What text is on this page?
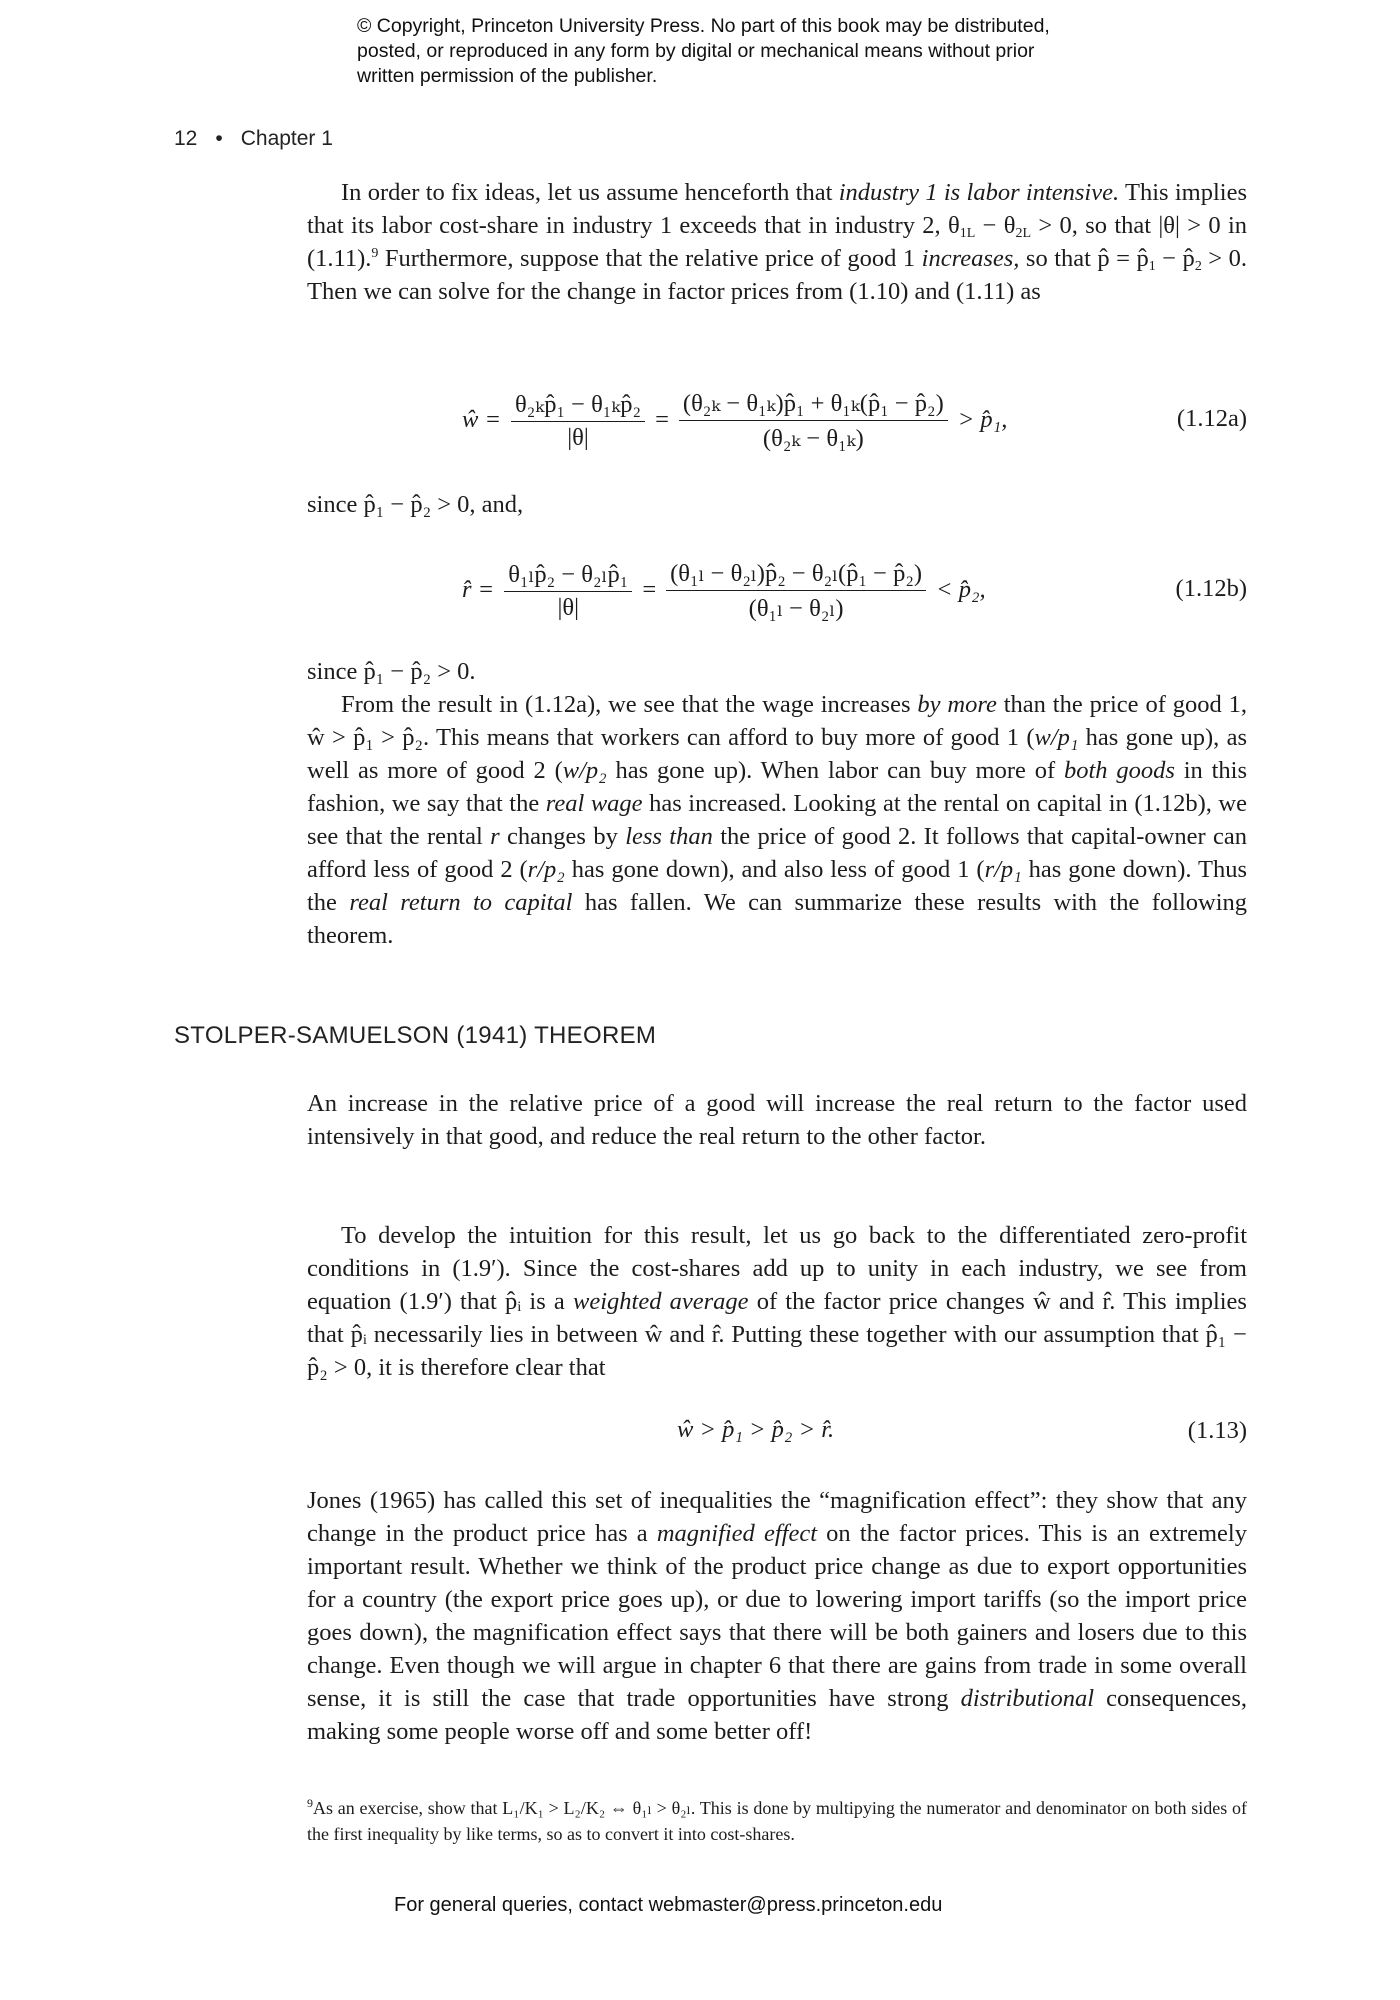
© Copyright, Princeton University Press. No part of this book may be distributed, posted, or reproduced in any form by digital or mechanical means without prior written permission of the publisher.
12 • Chapter 1

In order to fix ideas, let us assume henceforth that industry 1 is labor intensive. This implies that its labor cost-share in industry 1 exceeds that in industry 2, $\theta_{1L} - \theta_{2L} > 0$, so that |θ| > 0 in (1.11).$^9$ Furthermore, suppose that the relative price of good 1 increases, so that p̂ = $p̂_1$ − $p̂_2 > 0$. Then we can solve for the change in factor prices from (1.10) and (1.11) as

ŵ = $\frac{\text{θ₂ₖp̂₁ − θ₁ₖp̂₂}}{|\theta|} = \frac{\text{(θ₂ₖ − θ₁ₖ)p̂₁ + θ₁ₖ(p̂₁ − p̂₂)}}{\text{(θ₂ₖ − θ₁ₖ)}}$ > p̂₁,	(1.12a)

since p̂₁ − p̂₂ > 0, and,

r̂ = $\frac{\text{θ₁ₗp̂₂ − θ₂ₗp̂₁}}{|\theta|} = \frac{\text{(θ₁ₗ − θ₂ₗ)p̂₂ − θ₂ₗ(p̂₁ − p̂₂)}}{\text{(θ₁ₗ − θ₂ₗ)}}$ < p̂₂,	(1.12b)

since p̂₁ − p̂₂ > 0.

From the result in (1.12a), we see that the wage increases by more than the price of good 1, ŵ > p̂₁ > p̂₂. This means that workers can afford to buy more of good 1 (w/p₁ has gone up), as well as more of good 2 (w/p₂ has gone up). When labor can buy more of both goods in this fashion, we say that the real wage has increased. Looking at the rental on capital in (1.12b), we see that the rental r changes by less than the price of good 2. It follows that capital-owner can afford less of good 2 (r/p₂ has gone down), and also less of good 1 (r/p₁ has gone down). Thus the real return to capital has fallen. We can summarize these results with the following theorem.

STOLPER-SAMUELSON (1941) THEOREM

An increase in the relative price of a good will increase the real return to the factor used intensively in that good, and reduce the real return to the other factor.

To develop the intuition for this result, let us go back to the differentiated zero-profit conditions in (1.9′). Since the cost-shares add up to unity in each industry, we see from equation (1.9′) that p̂ᵢ is a weighted average of the factor price changes ŵ and r̂. This implies that p̂ᵢ necessarily lies in between ŵ and r̂. Putting these together with our assumption that p̂₁ − p̂₂ > 0, it is therefore clear that

ŵ > p̂₁ > p̂₂ > r̂.	(1.13)

Jones (1965) has called this set of inequalities the “magnification effect”: they show that any change in the product price has a magnified effect on the factor prices. This is an extremely important result. Whether we think of the product price change as due to export opportunities for a country (the export price goes up), or due to lowering import tariffs (so the import price goes down), the magnification effect says that there will be both gainers and losers due to this change. Even though we will argue in chapter 6 that there are gains from trade in some overall sense, it is still the case that trade opportunities have strong distributional consequences, making some people worse off and some better off!

$^9$As an exercise, show that L₁/K₁ > L₂/K₂ ⇔ θ₁ₗ > θ₂ₗ. This is done by multipying the numerator and denominator on both sides of the first inequality by like terms, so as to convert it into cost-shares.

For general queries, contact webmaster@press.princeton.edu
